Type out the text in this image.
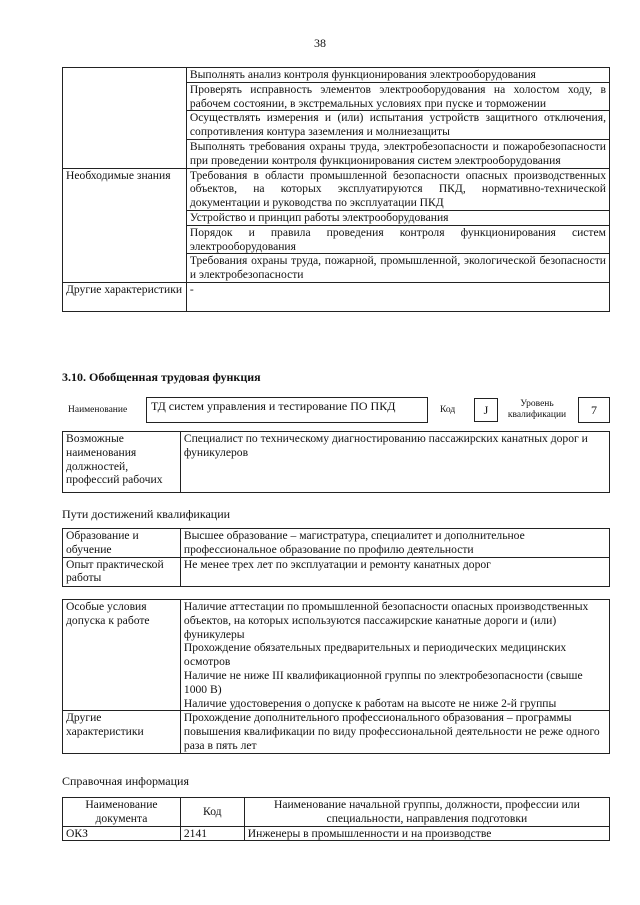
38
	Выполнять анализ контроля функционирования электрооборудования
	Проверять исправность элементов электрооборудования на холостом ходу, в рабочем состоянии, в экстремальных условиях при пуске и торможении
	Осуществлять измерения и (или) испытания устройств защитного отключения, сопротивления контура заземления и молниезащиты
	Выполнять требования охраны труда, электробезопасности и пожаробезопасности при проведении контроля функционирования систем электрооборудования
Необходимые знания	Требования в области промышленной безопасности опасных производственных объектов, на которых эксплуатируются ПКД, нормативно-технической документации и руководства по эксплуатации ПКД
	Устройство и принцип работы электрооборудования
	Порядок и правила проведения контроля функционирования систем электрооборудования
	Требования охраны труда, пожарной, промышленной, экологической безопасности и электробезопасности
Другие характеристики	-
3.10. Обобщенная трудовая функция
Наименование	ТД систем управления и тестирование ПО ПКД	Код	J	Уровень квалификации	7
Возможные наименования должностей, профессий рабочих	Специалист по техническому диагностированию пассажирских канатных дорог и фуникулеров
Пути достижений квалификации
Образование и обучение	Высшее образование – магистратура, специалитет и дополнительное профессиональное образование по профилю деятельности
Опыт практической работы	Не менее трех лет по эксплуатации и ремонту канатных дорог
Особые условия допуска к работе	Наличие аттестации по промышленной безопасности опасных производственных объектов, на которых используются пассажирские канатные дороги и (или) фуникулеры
Прохождение обязательных предварительных и периодических медицинских осмотров
Наличие не ниже III квалификационной группы по электробезопасности (свыше 1000 В)
Наличие удостоверения о допуске к работам на высоте не ниже 2-й группы

Другие характеристики	Прохождение дополнительного профессионального образования – программы повышения квалификации по виду профессиональной деятельности не реже одного раза в пять лет
Справочная информация
Наименование документа	Код	Наименование начальной группы, должности, профессии или специальности, направления подготовки
ОКЗ	2141	Инженеры в промышленности и на производстве
